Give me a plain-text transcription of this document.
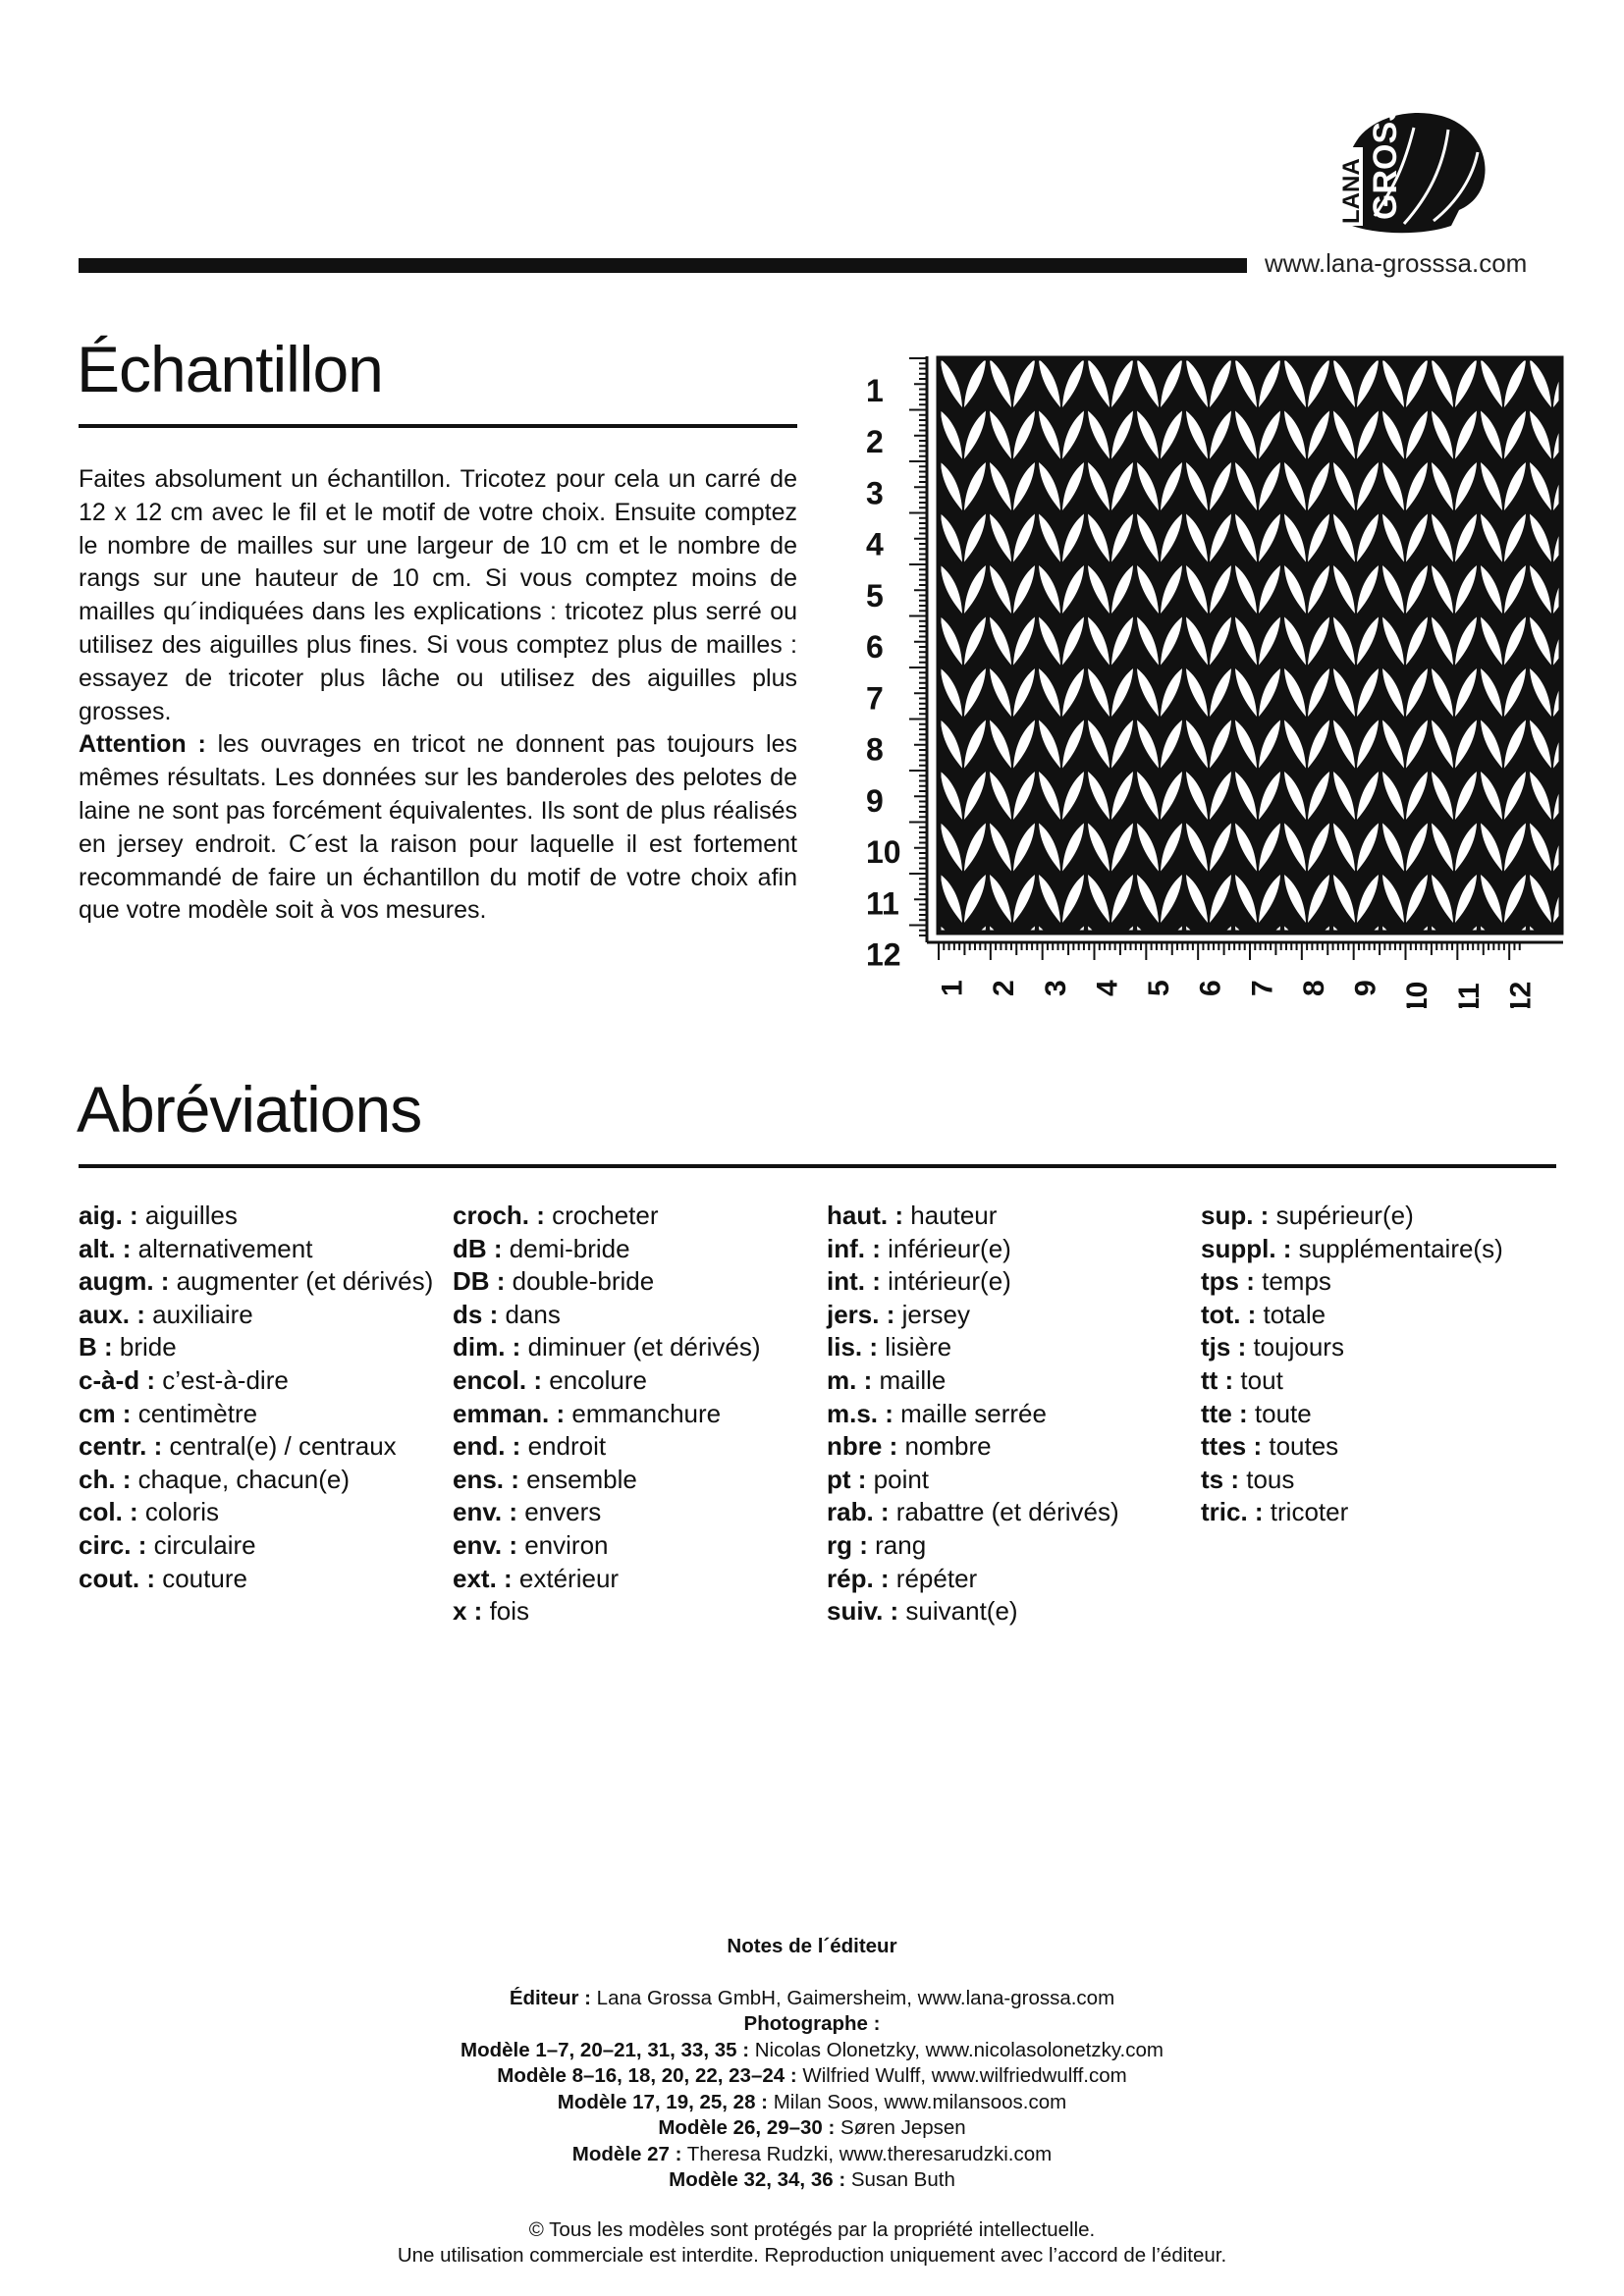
LANA GROSSA
www.lana-grosssa.com
Échantillon

Faites absolument un échantillon. Tricotez pour cela un carré de 12 x 12 cm avec le fil et le motif de votre choix. Ensuite comptez le nombre de mailles sur une largeur de 10 cm et le nombre de rangs sur une hauteur de 10 cm. Si vous comptez moins de mailles qu´indiquées dans les explications : tricotez plus serré ou utilisez des aiguilles plus fines. Si vous comptez plus de mailles : essayez de tricoter plus lâche ou utilisez des aiguilles plus grosses.

Attention : les ouvrages en tricot ne donnent pas toujours les mêmes résultats. Les données sur les banderoles des pelotes de laine ne sont pas forcément équivalentes. Ils sont de plus réalisés en jersey endroit. C´est la raison pour laquelle il est fortement recommandé de faire un échantillon du motif de votre choix afin que votre modèle soit à vos mesures.

1
2
3
4
5
6
7
8
9
10
11
12
1 2 3 4 5 6 7 8 9 10 11 12
Abréviations
aig. : aiguilles
alt. : alternativement
augm. : augmenter (et dérivés)
aux. : auxiliaire
B : bride
c-à-d : c’est-à-dire
cm : centimètre
centr. : central(e) / centraux
ch. : chaque, chacun(e)
col. : coloris
circ. : circulaire
cout. : couture
croch. : crocheter
dB : demi-bride
DB : double-bride
ds : dans
dim. : diminuer (et dérivés)
encol. : encolure
emman. : emmanchure
end. : endroit
ens. : ensemble
env. : envers
env. : environ
ext. : extérieur
x : fois
haut. : hauteur
inf. : inférieur(e)
int. : intérieur(e)
jers. : jersey
lis. : lisière
m. : maille
m.s. : maille serrée
nbre : nombre
pt : point
rab. : rabattre (et dérivés)
rg : rang
rép. : répéter
suiv. : suivant(e)
sup. : supérieur(e)
suppl. : supplémentaire(s)
tps : temps
tot. : totale
tjs : toujours
tt : tout
tte : toute
ttes : toutes
ts : tous
tric. : tricoter
Notes de l´éditeur
Éditeur : Lana Grossa GmbH, Gaimersheim, www.lana-grossa.com
Photographe :
Modèle 1–7, 20–21, 31, 33, 35 : Nicolas Olonetzky, www.nicolasolonetzky.com
Modèle 8–16, 18, 20, 22, 23–24 : Wilfried Wulff, www.wilfriedwulff.com
Modèle 17, 19, 25, 28 : Milan Soos, www.milansoos.com
Modèle 26, 29–30 : Søren Jepsen
Modèle 27 : Theresa Rudzki, www.theresarudzki.com
Modèle 32, 34, 36 : Susan Buth
© Tous les modèles sont protégés par la propriété intellectuelle.
Une utilisation commerciale est interdite. Reproduction uniquement avec l’accord de l’éditeur.
